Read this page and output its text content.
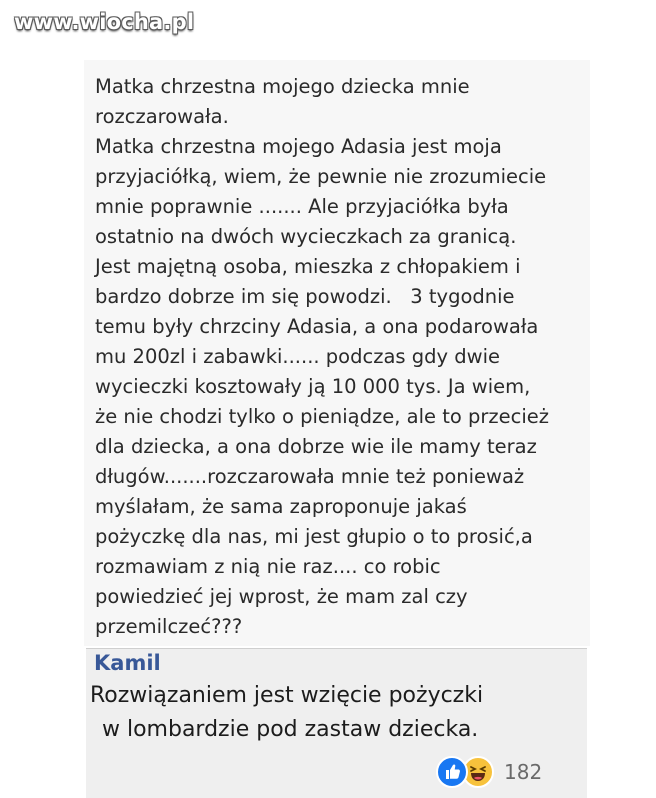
www.wiocha.pl
Matka chrzestna mojego dziecka mnie
rozczarowała.
Matka chrzestna mojego Adasia jest moja
przyjaciółką, wiem, że pewnie nie zrozumiecie
mnie poprawnie ....... Ale przyjaciółka była
ostatnio na dwóch wycieczkach za granicą.
Jest majętną osoba, mieszka z chłopakiem i
bardzo dobrze im się powodzi.   3 tygodnie
temu były chrzciny Adasia, a ona podarowała
mu 200zl i zabawki...... podczas gdy dwie
wycieczki kosztowały ją 10 000 tys. Ja wiem,
że nie chodzi tylko o pieniądze, ale to przecież
dla dziecka, a ona dobrze wie ile mamy teraz
długów.......rozczarowała mnie też ponieważ
myślałam, że sama zaproponuje jakaś
pożyczkę dla nas, mi jest głupio o to prosić,a
rozmawiam z nią nie raz.... co robic
powiedzieć jej wprost, że mam zal czy
przemilczeć???
Kamil
Rozwiązaniem jest wzięcie pożyczki
w lombardzie pod zastaw dziecka.
182
